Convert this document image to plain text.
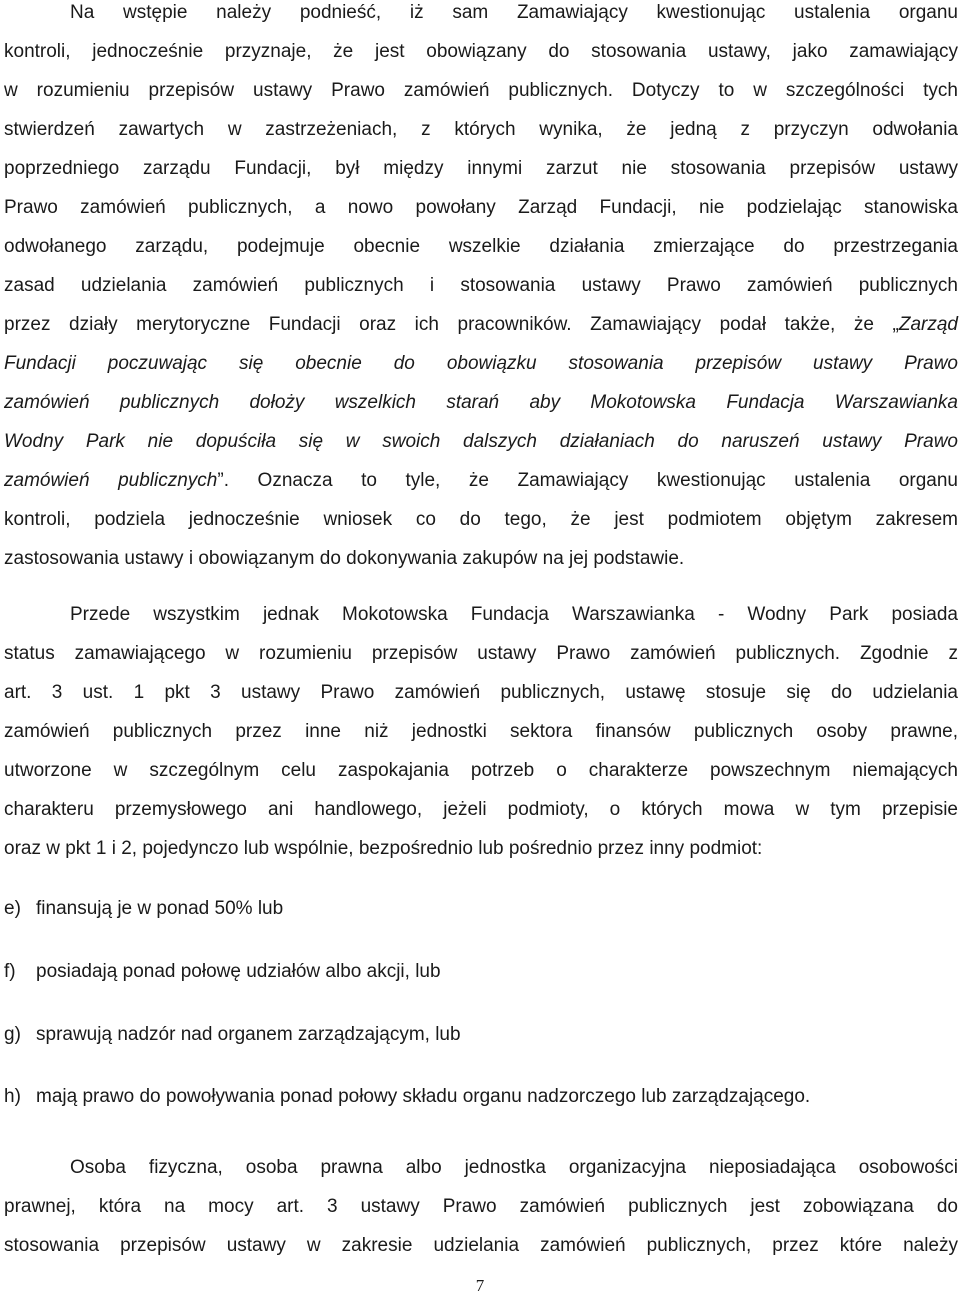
Na wstępie należy podnieść, iż sam Zamawiający kwestionując ustalenia organu
kontroli, jednocześnie przyznaje, że jest obowiązany do stosowania ustawy, jako zamawiający
w rozumieniu przepisów ustawy Prawo zamówień publicznych. Dotyczy to w szczególności tych
stwierdzeń zawartych w zastrzeżeniach, z których wynika, że jedną z przyczyn odwołania
poprzedniego zarządu Fundacji, był między innymi zarzut nie stosowania przepisów ustawy
Prawo zamówień publicznych, a nowo powołany Zarząd Fundacji, nie podzielając stanowiska
odwołanego zarządu, podejmuje obecnie wszelkie działania zmierzające do przestrzegania
zasad udzielania zamówień publicznych i stosowania ustawy Prawo zamówień publicznych
przez działy merytoryczne Fundacji oraz ich pracowników. Zamawiający podał także, że „Zarząd
Fundacji poczuwając się obecnie do obowiązku stosowania przepisów ustawy Prawo
zamówień publicznych dołoży wszelkich starań aby Mokotowska Fundacja Warszawianka
Wodny Park nie dopuściła się w swoich dalszych działaniach do naruszeń ustawy Prawo
zamówień publicznych”. Oznacza to tyle, że Zamawiający kwestionując ustalenia organu
kontroli, podziela jednocześnie wniosek co do tego, że jest podmiotem objętym zakresem
zastosowania ustawy i obowiązanym do dokonywania zakupów na jej podstawie.
Przede wszystkim jednak Mokotowska Fundacja Warszawianka - Wodny Park posiada
status zamawiającego w rozumieniu przepisów ustawy Prawo zamówień publicznych. Zgodnie z
art. 3 ust. 1 pkt 3 ustawy Prawo zamówień publicznych, ustawę stosuje się do udzielania
zamówień publicznych przez inne niż jednostki sektora finansów publicznych osoby prawne,
utworzone w szczególnym celu zaspokajania potrzeb o charakterze powszechnym niemających
charakteru przemysłowego ani handlowego, jeżeli podmioty, o których mowa w tym przepisie
oraz w pkt 1 i 2, pojedynczo lub wspólnie, bezpośrednio lub pośrednio przez inny podmiot:
e) finansują je w ponad 50% lub
f) posiadają ponad połowę udziałów albo akcji, lub
g) sprawują nadzór nad organem zarządzającym, lub
h) mają prawo do powoływania ponad połowy składu organu nadzorczego lub zarządzającego.
Osoba fizyczna, osoba prawna albo jednostka organizacyjna nieposiadająca osobowości
prawnej, która na mocy art. 3 ustawy Prawo zamówień publicznych jest zobowiązana do
stosowania przepisów ustawy w zakresie udzielania zamówień publicznych, przez które należy
7
